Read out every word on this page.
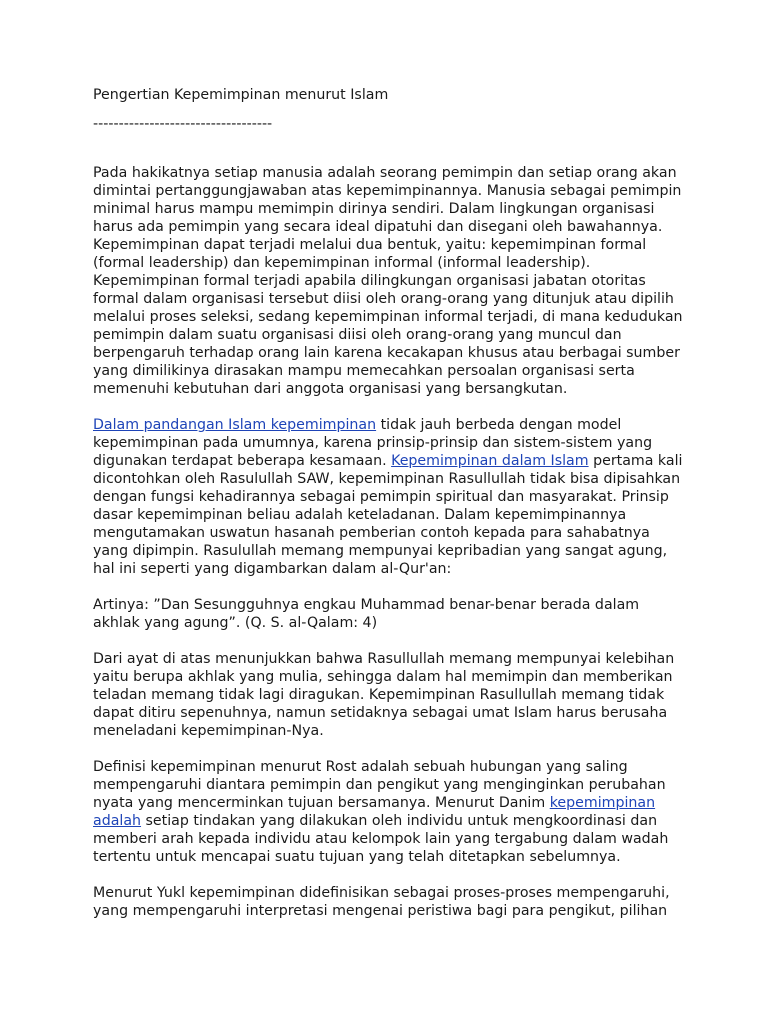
Pengertian Kepemimpinan menurut Islam
-----------------------------------

Pada hakikatnya setiap manusia adalah seorang pemimpin dan setiap orang akan dimintai pertanggungjawaban atas kepemimpinannya. Manusia sebagai pemimpin minimal harus mampu memimpin dirinya sendiri. Dalam lingkungan organisasi harus ada pemimpin yang secara ideal dipatuhi dan disegani oleh bawahannya. Kepemimpinan dapat terjadi melalui dua bentuk, yaitu: kepemimpinan formal (formal leadership) dan kepemimpinan informal (informal leadership). Kepemimpinan formal terjadi apabila dilingkungan organisasi jabatan otoritas formal dalam organisasi tersebut diisi oleh orang-orang yang ditunjuk atau dipilih melalui proses seleksi, sedang kepemimpinan informal terjadi, di mana kedudukan pemimpin dalam suatu organisasi diisi oleh orang-orang yang muncul dan berpengaruh terhadap orang lain karena kecakapan khusus atau berbagai sumber yang dimilikinya dirasakan mampu memecahkan persoalan organisasi serta memenuhi kebutuhan dari anggota organisasi yang bersangkutan.

Dalam pandangan Islam kepemimpinan tidak jauh berbeda dengan model kepemimpinan pada umumnya, karena prinsip-prinsip dan sistem-sistem yang digunakan terdapat beberapa kesamaan. Kepemimpinan dalam Islam pertama kali dicontohkan oleh Rasulullah SAW, kepemimpinan Rasullullah tidak bisa dipisahkan dengan fungsi kehadirannya sebagai pemimpin spiritual dan masyarakat. Prinsip dasar kepemimpinan beliau adalah keteladanan. Dalam kepemimpinannya mengutamakan uswatun hasanah pemberian contoh kepada para sahabatnya yang dipimpin. Rasulullah memang mempunyai kepribadian yang sangat agung, hal ini seperti yang digambarkan dalam al-Qur'an:

Artinya: ”Dan Sesungguhnya engkau Muhammad benar-benar berada dalam akhlak yang agung”. (Q. S. al-Qalam: 4)

Dari ayat di atas menunjukkan bahwa Rasullullah memang mempunyai kelebihan yaitu berupa akhlak yang mulia, sehingga dalam hal memimpin dan memberikan teladan memang tidak lagi diragukan. Kepemimpinan Rasullullah memang tidak dapat ditiru sepenuhnya, namun setidaknya sebagai umat Islam harus berusaha meneladani kepemimpinan-Nya.

Definisi kepemimpinan menurut Rost adalah sebuah hubungan yang saling mempengaruhi diantara pemimpin dan pengikut yang menginginkan perubahan nyata yang mencerminkan tujuan bersamanya. Menurut Danim kepemimpinan adalah setiap tindakan yang dilakukan oleh individu untuk mengkoordinasi dan memberi arah kepada individu atau kelompok lain yang tergabung dalam wadah tertentu untuk mencapai suatu tujuan yang telah ditetapkan sebelumnya.

Menurut Yukl kepemimpinan didefinisikan sebagai proses-proses mempengaruhi, yang mempengaruhi interpretasi mengenai peristiwa bagi para pengikut, pilihan
